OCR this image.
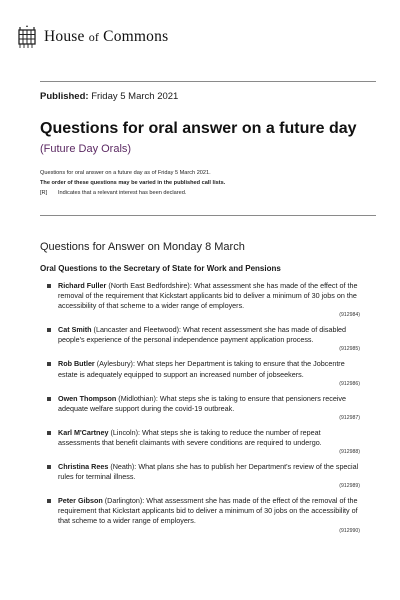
House of Commons
Published: Friday 5 March 2021
Questions for oral answer on a future day
(Future Day Orals)
Questions for oral answer on a future day as of Friday 5 March 2021.
The order of these questions may be varied in the published call lists.
[R] Indicates that a relevant interest has been declared.
Questions for Answer on Monday 8 March
Oral Questions to the Secretary of State for Work and Pensions
Richard Fuller (North East Bedfordshire): What assessment she has made of the effect of the removal of the requirement that Kickstart applicants bid to deliver a minimum of 30 jobs on the accessibility of that scheme to a wider range of employers.
(912984)
Cat Smith (Lancaster and Fleetwood): What recent assessment she has made of disabled people's experience of the personal independence payment application process.
(912985)
Rob Butler (Aylesbury): What steps her Department is taking to ensure that the Jobcentre estate is adequately equipped to support an increased number of jobseekers.
(912986)
Owen Thompson (Midlothian): What steps she is taking to ensure that pensioners receive adequate welfare support during the covid-19 outbreak.
(912987)
Karl M'Cartney (Lincoln): What steps she is taking to reduce the number of repeat assessments that benefit claimants with severe conditions are required to undergo.
(912988)
Christina Rees (Neath): What plans she has to publish her Department's review of the special rules for terminal illness.
(912989)
Peter Gibson (Darlington): What assessment she has made of the effect of the removal of the requirement that Kickstart applicants bid to deliver a minimum of 30 jobs on the accessibility of that scheme to a wider range of employers.
(912990)
